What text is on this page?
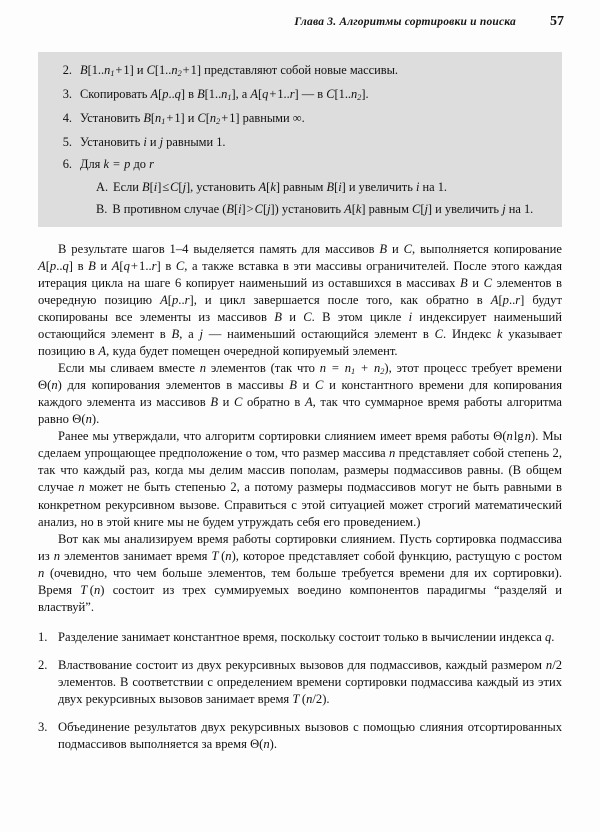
Глава 3. Алгоритмы сортировки и поиска	57
2. $B[1..n_1+1]$ и $C[1..n_2+1]$ представляют собой новые массивы.
3. Скопировать A[p..q] в $B[1..n_1]$, а A[q+1..r] — в $C[1..n_2]$.
4. Установить $B[n_1+1]$ и $C[n_2+1]$ равными ∞.
5. Установить i и j равными 1.
6. Для k = p до r
A. Если B[i]≤C[j], установить A[k] равным B[i] и увеличить i на 1.
B. В противном случае (B[i]>C[j]) установить A[k] равным C[j] и увеличить j на 1.

В результате шагов 1–4 выделяется память для массивов B и C, выполняется копирование A[p..q] в B и A[q+1..r] в C, а также вставка в эти массивы ограничителей. После этого каждая итерация цикла на шаге 6 копирует наименьший из оставшихся в массивах B и C элементов в очередную позицию A[p..r], и цикл завершается после того, как обратно в A[p..r] будут скопированы все элементы из массивов B и C. В этом цикле i индексирует наименьший остающийся элемент в B, а j — наименьший остающийся элемент в C. Индекс k указывает позицию в A, куда будет помещен очередной копируемый элемент.

Если мы сливаем вместе n элементов (так что $n = n_1 + n_2$), этот процесс требует времени Θ(n) для копирования элементов в массивы B и C и константного времени для копирования каждого элемента из массивов B и C обратно в A, так что суммарное время работы алгоритма равно Θ(n).

Ранее мы утверждали, что алгоритм сортировки слиянием имеет время работы Θ(n lg n). Мы сделаем упрощающее предположение о том, что размер массива n представляет собой степень 2, так что каждый раз, когда мы делим массив пополам, размеры подмассивов равны. (В общем случае n может не быть степенью 2, а потому размеры подмассивов могут не быть равными в конкретном рекурсивном вызове. Справиться с этой ситуацией может строгий математический анализ, но в этой книге мы не будем утруждать себя его проведением.)

Вот как мы анализируем время работы сортировки слиянием. Пусть сортировка подмассива из n элементов занимает время T (n), которое представляет собой функцию, растущую с ростом n (очевидно, что чем больше элементов, тем больше требуется времени для их сортировки). Время T (n) состоит из трех суммируемых воедино компонентов парадигмы “разделяй и властвуй”.

1. Разделение занимает константное время, поскольку состоит только в вычислении индекса q.
2. Властвование состоит из двух рекурсивных вызовов для подмассивов, каждый размером n/2 элементов. В соответствии с определением времени сортировки подмассива каждый из этих двух рекурсивных вызовов занимает время T (n/2).
3. Объединение результатов двух рекурсивных вызовов с помощью слияния отсортированных подмассивов выполняется за время Θ(n).
